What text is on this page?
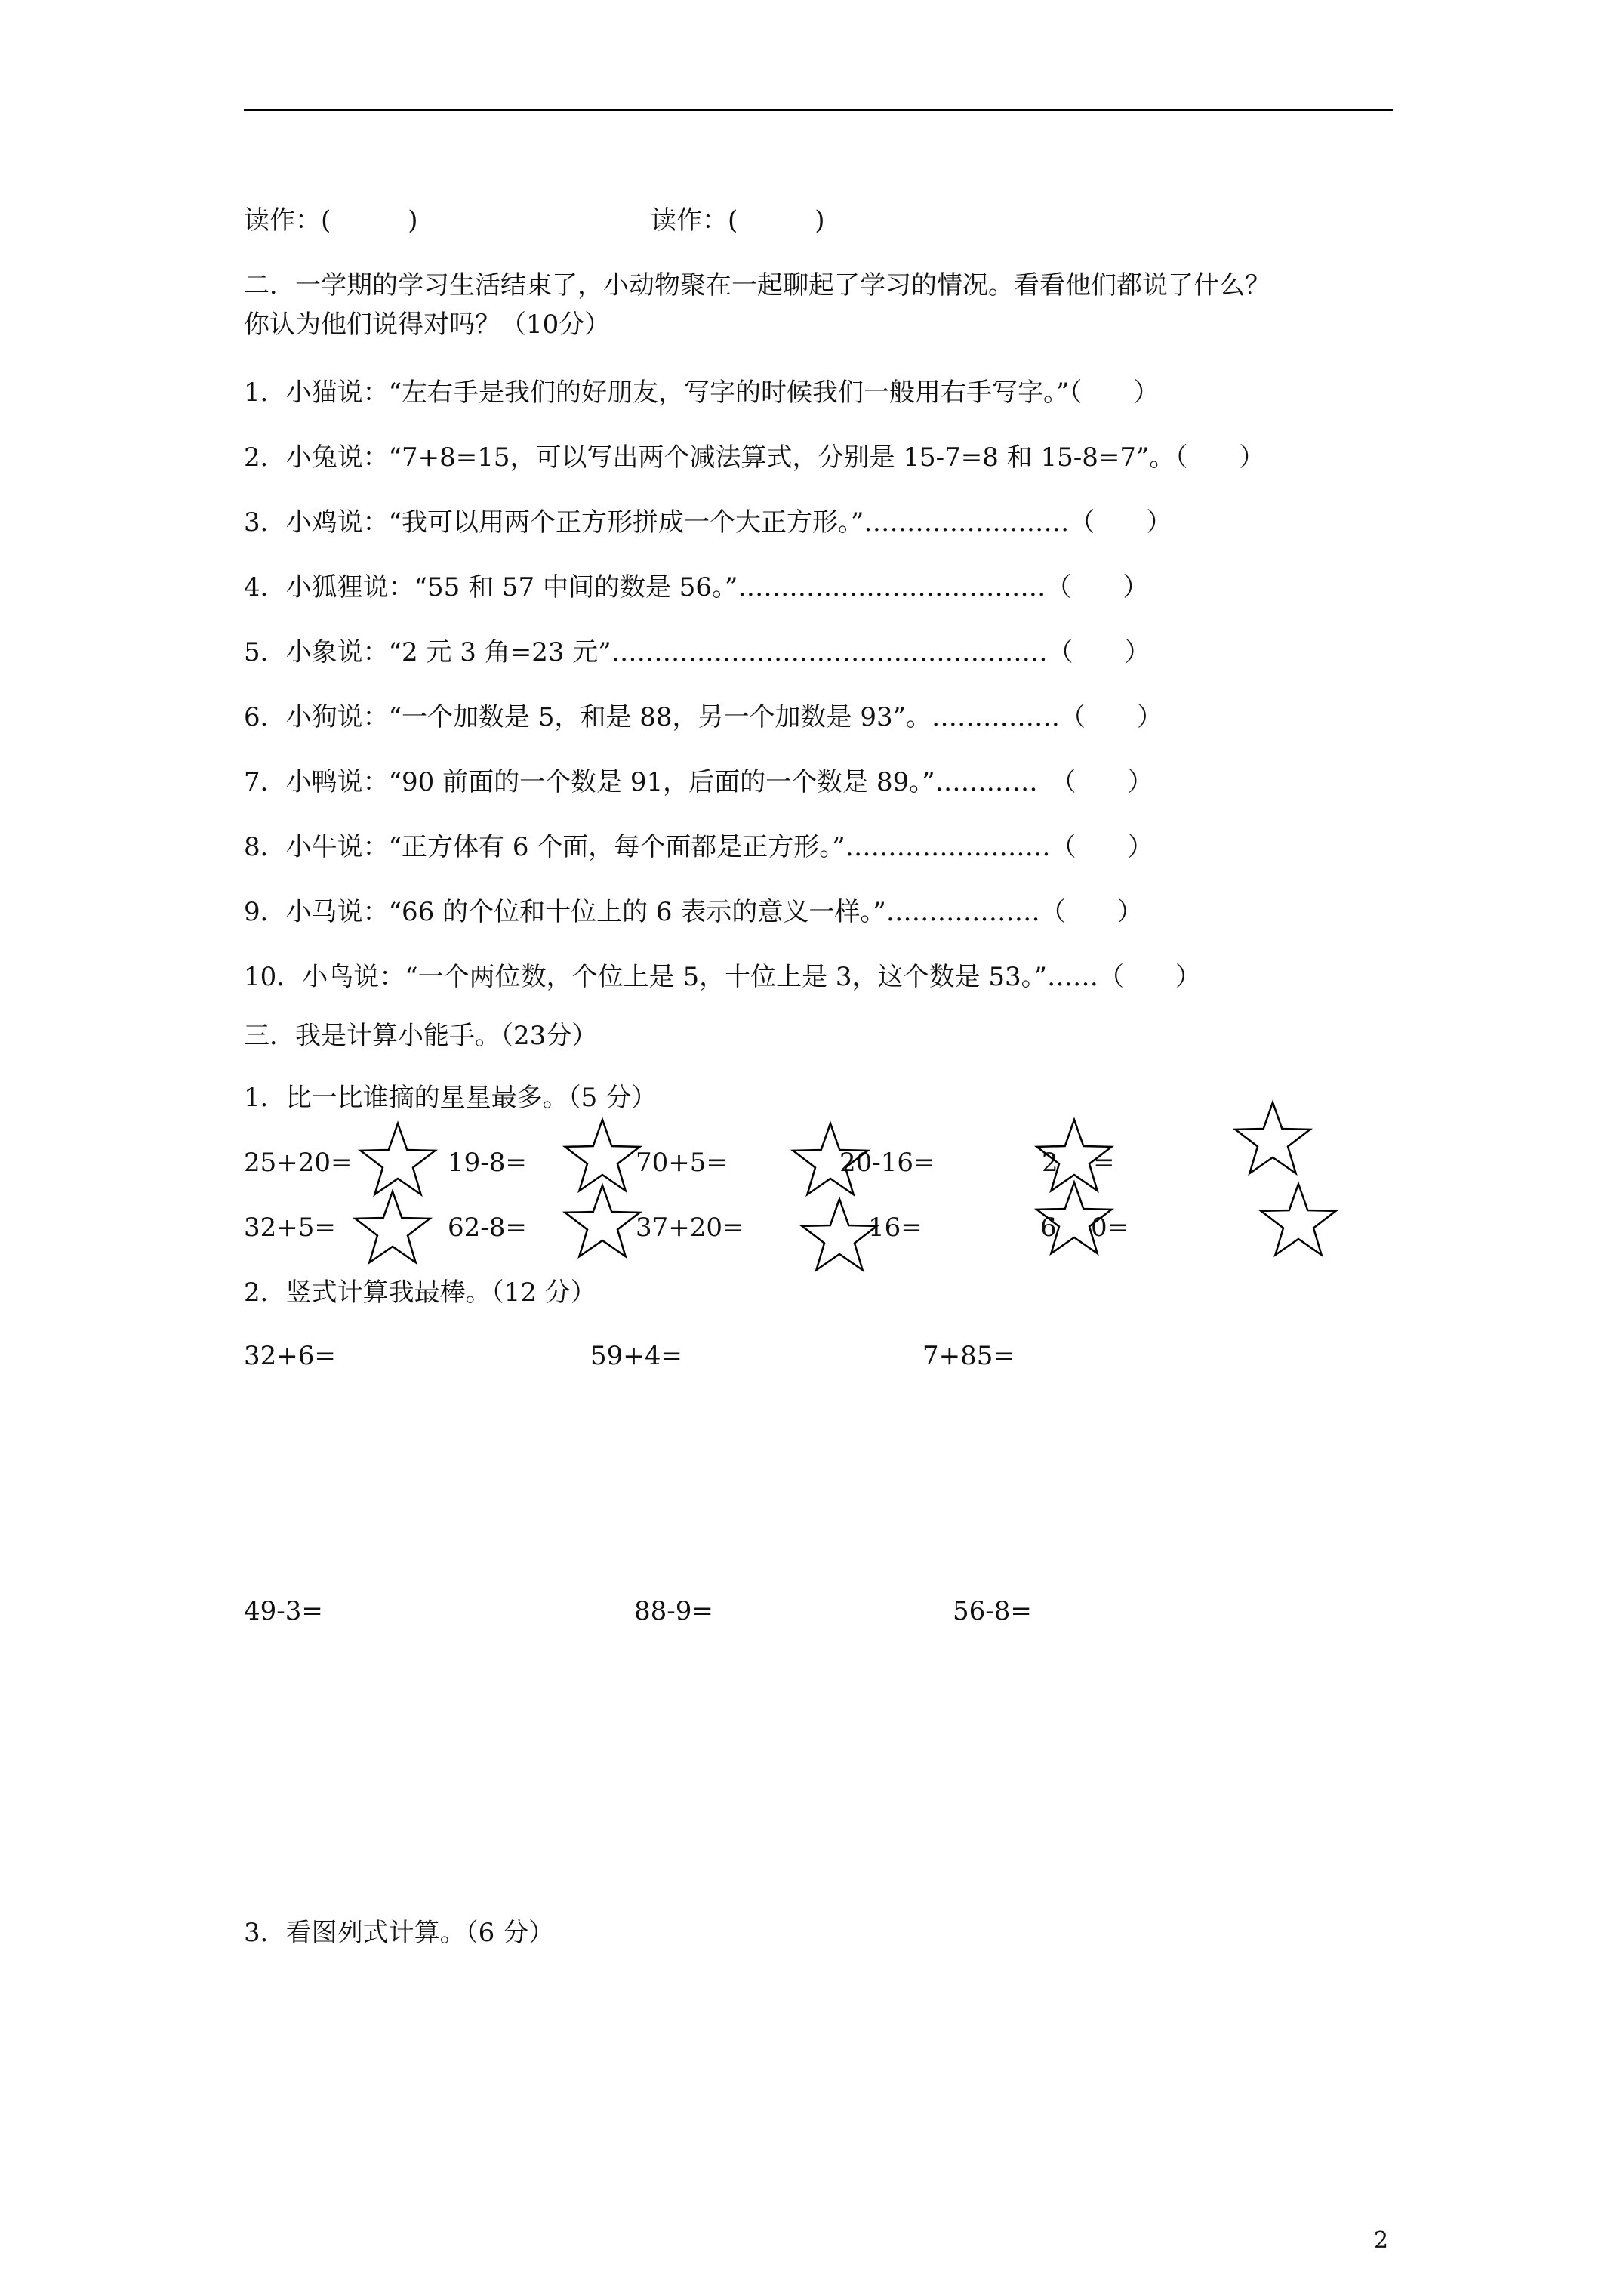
读作：(　　　)	读作：(　　　)
二．一学期的学习生活结束了，小动物聚在一起聊起了学习的情况。看看他们都说了什么？
你认为他们说得对吗？（10分）
1．小猫说：“左右手是我们的好朋友，写字的时候我们一般用右手写字。”（　　）
2．小兔说：“7+8=15，可以写出两个减法算式，分别是 15-7=8 和 15-8=7”。（　　）
3．小鸡说：“我可以用两个正方形拼成一个大正方形。”……………………（　　）
4．小狐狸说：“55 和 57 中间的数是 56。”………………………………（　　）
5．小象说：“2 元 3 角=23 元”……………………………………………（　　）
6．小狗说：“一个加数是 5，和是 88，另一个加数是 93”。……………（　　）
7．小鸭说：“90 前面的一个数是 91，后面的一个数是 89。”…………　（　　）
8．小牛说：“正方体有 6 个面，每个面都是正方形。”……………………（　　）
9．小马说：“66 的个位和十位上的 6 表示的意义一样。”………………（　　）
10．小鸟说：“一个两位数，个位上是 5，十位上是 3，这个数是 53。”……（　　）
三．我是计算小能手。（23分）
1．比一比谁摘的星星最多。（5 分）
25+20=	19-8=	70+5=	20-16=	2 =
32+5=	62-8=	37+20=	16=	6 0=
2．竖式计算我最棒。（12 分）
32+6=	59+4=	7+85=
49-3=	88-9=	56-8=
3．看图列式计算。（6 分）
2
